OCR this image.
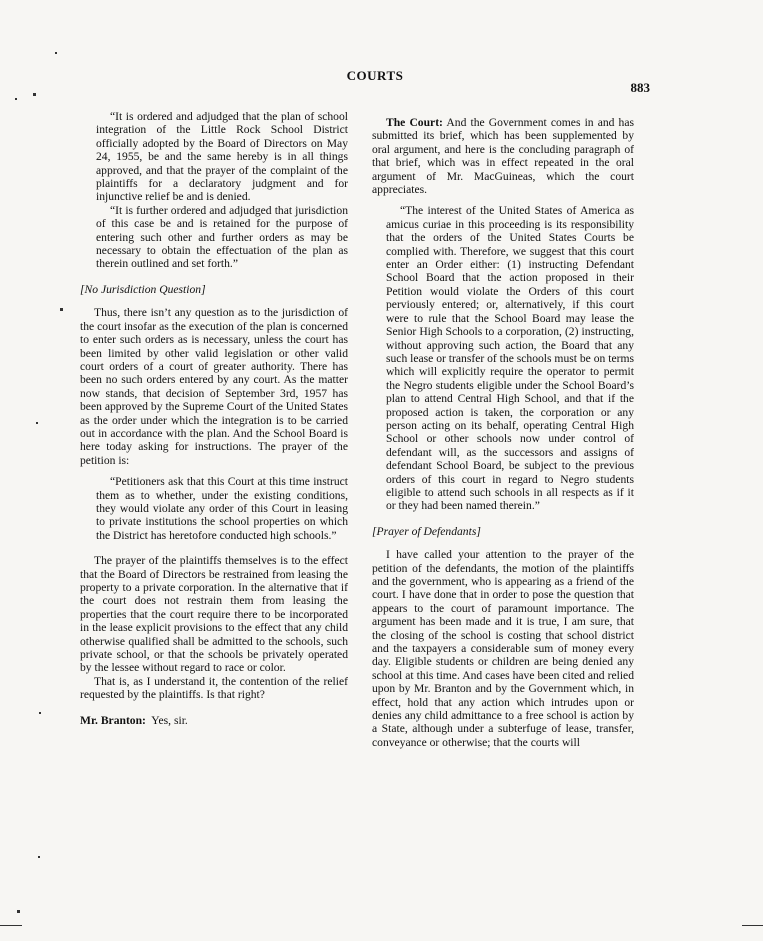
COURTS
883

“It is ordered and adjudged that the plan of school integration of the Little Rock School District officially adopted by the Board of Directors on May 24, 1955, be and the same hereby is in all things approved, and that the prayer of the complaint of the plaintiffs for a declaratory judgment and for injunctive relief be and is denied.

“It is further ordered and adjudged that jurisdiction of this case be and is retained for the purpose of entering such other and further orders as may be necessary to obtain the effectuation of the plan as therein outlined and set forth.”

[No Jurisdiction Question]

Thus, there isn’t any question as to the jurisdiction of the court insofar as the execution of the plan is concerned to enter such orders as is necessary, unless the court has been limited by other valid legislation or other valid court orders of a court of greater authority. There has been no such orders entered by any court. As the matter now stands, that decision of September 3rd, 1957 has been approved by the Supreme Court of the United States as the order under which the integration is to be carried out in accordance with the plan. And the School Board is here today asking for instructions. The prayer of the petition is:

“Petitioners ask that this Court at this time instruct them as to whether, under the existing conditions, they would violate any order of this Court in leasing to private institutions the school properties on which the District has heretofore conducted high schools.”

The prayer of the plaintiffs themselves is to the effect that the Board of Directors be restrained from leasing the property to a private corporation. In the alternative that if the court does not restrain them from leasing the properties that the court require there to be incorporated in the lease explicit provisions to the effect that any child otherwise qualified shall be admitted to the schools, such private school, or that the schools be privately operated by the lessee without regard to race or color.

That is, as I understand it, the contention of the relief requested by the plaintiffs. Is that right?

Mr. Branton: Yes, sir.

The Court: And the Government comes in and has submitted its brief, which has been supplemented by oral argument, and here is the concluding paragraph of that brief, which was in effect repeated in the oral argument of Mr. MacGuineas, which the court appreciates.

“The interest of the United States of America as amicus curiae in this proceeding is its responsibility that the orders of the United States Courts be complied with. Therefore, we suggest that this court enter an Order either: (1) instructing Defendant School Board that the action proposed in their Petition would violate the Orders of this court perviously entered; or, alternatively, if this court were to rule that the School Board may lease the Senior High Schools to a corporation, (2) instructing, without approving such action, the Board that any such lease or transfer of the schools must be on terms which will explicitly require the operator to permit the Negro students eligible under the School Board’s plan to attend Central High School, and that if the proposed action is taken, the corporation or any person acting on its behalf, operating Central High School or other schools now under control of defendant will, as the successors and assigns of defendant School Board, be subject to the previous orders of this court in regard to Negro students eligible to attend such schools in all respects as if it or they had been named therein.”

[Prayer of Defendants]

I have called your attention to the prayer of the petition of the defendants, the motion of the plaintiffs and the government, who is appearing as a friend of the court. I have done that in order to pose the question that appears to the court of paramount importance. The argument has been made and it is true, I am sure, that the closing of the school is costing that school district and the taxpayers a considerable sum of money every day. Eligible students or children are being denied any school at this time. And cases have been cited and relied upon by Mr. Branton and by the Government which, in effect, hold that any action which intrudes upon or denies any child admittance to a free school is action by a State, although under a subterfuge of lease, transfer, conveyance or otherwise; that the courts will
